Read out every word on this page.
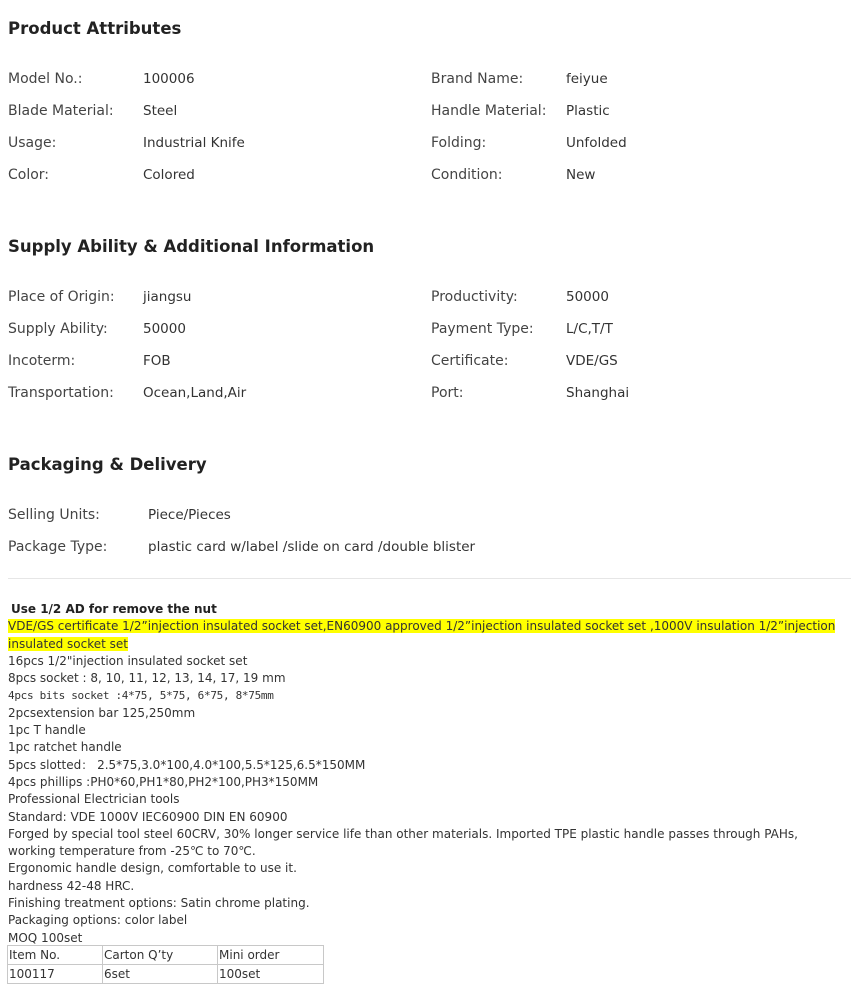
Product Attributes
Model No.:	100006	Brand Name:	feiyue
Blade Material: Steel	Handle Material: Plastic
Usage:	Industrial Knife	Folding:	Unfolded
Color:	Colored	Condition:	New
Supply Ability & Additional Information
Place of Origin: jiangsu	Productivity:	50000
Supply Ability:	50000	Payment Type: L/C,T/T
Incoterm:	FOB	Certificate:	VDE/GS
Transportation: Ocean,Land,Air	Port:	Shanghai
Packaging & Delivery
Selling Units:	Piece/Pieces
Package Type:	plastic card w/label /slide on card /double blister
Use 1/2 AD for remove the nut
VDE/GS certificate 1/2”injection insulated socket set,EN60900 approved 1/2”injection insulated socket set ,1000V insulation 1/2”injection insulated socket set
16pcs 1/2"injection insulated socket set
8pcs socket : 8, 10, 11, 12, 13, 14, 17, 19 mm
4pcs bits socket :4*75, 5*75, 6*75, 8*75mm
2pcsextension bar 125,250mm
1pc T handle
1pc ratchet handle
5pcs slotted： 2.5*75,3.0*100,4.0*100,5.5*125,6.5*150MM
4pcs phillips :PH0*60,PH1*80,PH2*100,PH3*150MM
Professional Electrician tools
Standard: VDE 1000V IEC60900 DIN EN 60900
Forged by special tool steel 60CRV, 30% longer service life than other materials. Imported TPE plastic handle passes through PAHs, working temperature from -25℃ to 70℃.
Ergonomic handle design, comfortable to use it.
hardness 42-48 HRC.
Finishing treatment options: Satin chrome plating.
Packaging options: color label
MOQ 100set
Item No.	Carton Q’ty	Mini order
100117	6set	100set
